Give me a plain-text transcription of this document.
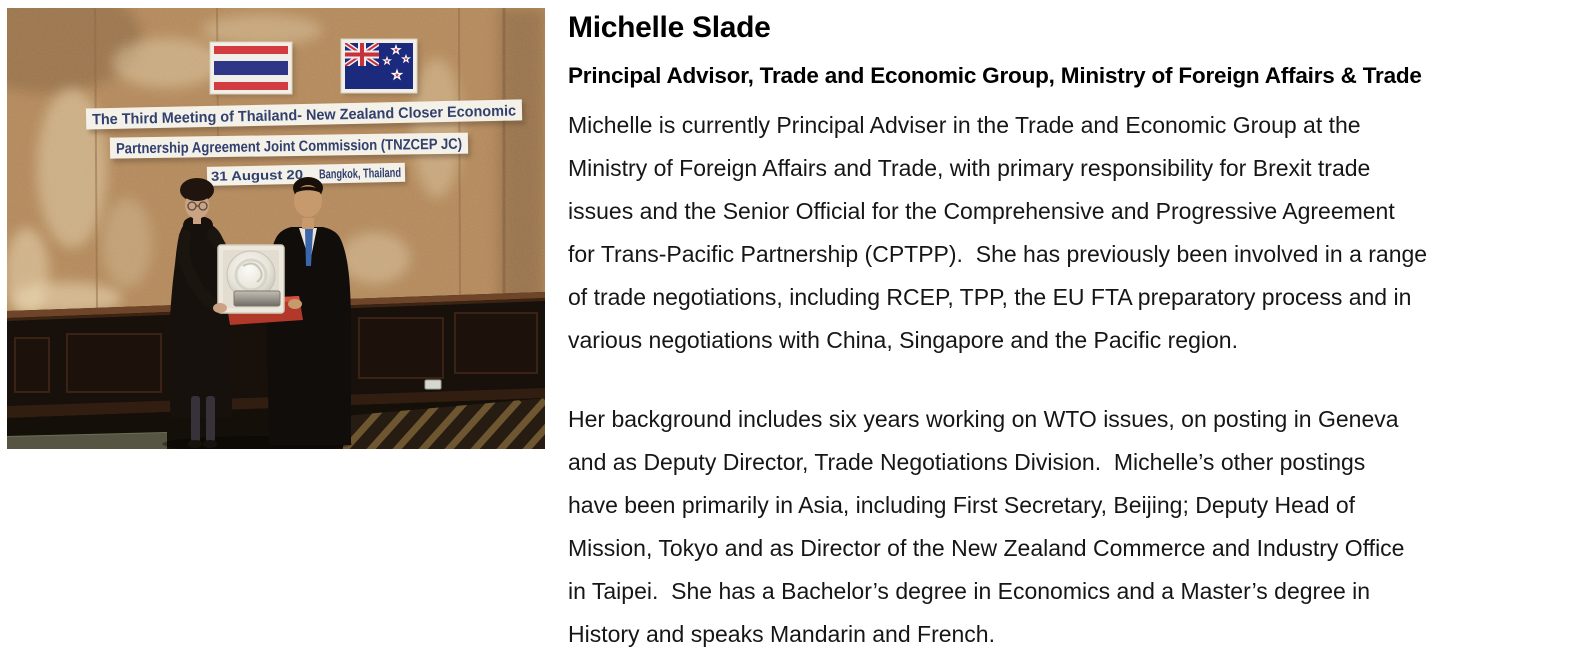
The Third Meeting of Thailand- New Zealand Closer Economic
Partnership Agreement Joint Commission (TNZCEP JC)
31 August 20	Bangkok, Thailand
Michelle Slade
Principal Advisor, Trade and Economic Group, Ministry of Foreign Affairs & Trade
Michelle is currently Principal Adviser in the Trade and Economic Group at the
Ministry of Foreign Affairs and Trade, with primary responsibility for Brexit trade
issues and the Senior Official for the Comprehensive and Progressive Agreement
for Trans-Pacific Partnership (CPTPP).  She has previously been involved in a range
of trade negotiations, including RCEP, TPP, the EU FTA preparatory process and in
various negotiations with China, Singapore and the Pacific region.
Her background includes six years working on WTO issues, on posting in Geneva
and as Deputy Director, Trade Negotiations Division.  Michelle’s other postings
have been primarily in Asia, including First Secretary, Beijing; Deputy Head of
Mission, Tokyo and as Director of the New Zealand Commerce and Industry Office
in Taipei.  She has a Bachelor’s degree in Economics and a Master’s degree in
History and speaks Mandarin and French.
